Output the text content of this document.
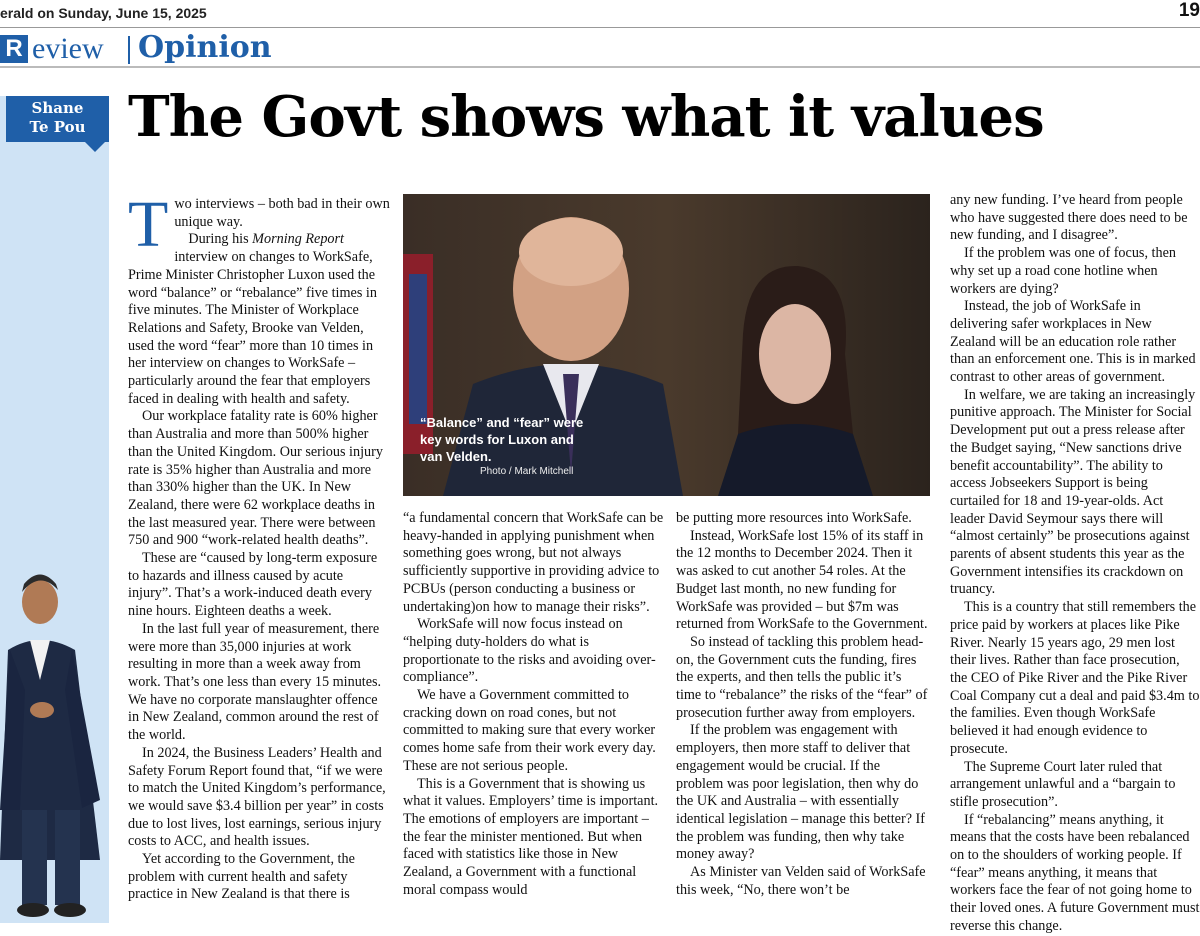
erald on Sunday, June 15, 2025	19
R eview Opinion
Shane
Te Pou The Govt shows what it values

Two interviews – both bad in their own unique way.

During his Morning Report interview on changes to WorkSafe, Prime Minister Christopher Luxon used the word “balance” or “rebalance” five times in five minutes. The Minister of Workplace Relations and Safety, Brooke van Velden, used the word “fear” more than 10 times in her interview on changes to WorkSafe – particularly around the fear that employers faced in dealing with health and safety.

Our workplace fatality rate is 60% higher than Australia and more than 500% higher than the United Kingdom. Our serious injury rate is 35% higher than Australia and more than 330% higher than the UK. In New Zealand, there were 62 workplace deaths in the last measured year. There were between 750 and 900 “work-related health deaths”.

These are “caused by long-term exposure to hazards and illness caused by acute injury”. That’s a work-induced death every nine hours. Eighteen deaths a week.

In the last full year of measurement, there were more than 35,000 injuries at work resulting in more than a week away from work. That’s one less than every 15 minutes. We have no corporate manslaughter offence in New Zealand, common around the rest of the world.

In 2024, the Business Leaders’ Health and Safety Forum Report found that, “if we were to match the United Kingdom’s performance, we would save $3.4 billion per year” in costs due to lost lives, lost earnings, serious injury costs to ACC, and health issues.

Yet according to the Government, the problem with current health and safety practice in New Zealand is that there is

“Balance” and “fear” were key words for Luxon and van Velden.
Photo / Mark Mitchell

“a fundamental concern that WorkSafe can be heavy-handed in applying punishment when something goes wrong, but not always sufficiently supportive in providing advice to PCBUs (person conducting a business or undertaking)on how to manage their risks”.

WorkSafe will now focus instead on “helping duty-holders do what is proportionate to the risks and avoiding over-compliance”.

We have a Government committed to cracking down on road cones, but not committed to making sure that every worker comes home safe from their work every day. These are not serious people.

This is a Government that is showing us what it values. Employers’ time is important. The emotions of employers are important – the fear the minister mentioned. But when faced with statistics like those in New Zealand, a Government with a functional moral compass would

be putting more resources into WorkSafe.

Instead, WorkSafe lost 15% of its staff in the 12 months to December 2024. Then it was asked to cut another 54 roles. At the Budget last month, no new funding for WorkSafe was provided – but $7m was returned from WorkSafe to the Government.

So instead of tackling this problem head-on, the Government cuts the funding, fires the experts, and then tells the public it’s time to “rebalance” the risks of the “fear” of prosecution further away from employers.

If the problem was engagement with employers, then more staff to deliver that engagement would be crucial. If the problem was poor legislation, then why do the UK and Australia – with essentially identical legislation – manage this better? If the problem was funding, then why take money away?

As Minister van Velden said of WorkSafe this week, “No, there won’t be

any new funding. I’ve heard from people who have suggested there does need to be new funding, and I disagree”.

If the problem was one of focus, then why set up a road cone hotline when workers are dying?

Instead, the job of WorkSafe in delivering safer workplaces in New Zealand will be an education role rather than an enforcement one. This is in marked contrast to other areas of government.

In welfare, we are taking an increasingly punitive approach. The Minister for Social Development put out a press release after the Budget saying, “New sanctions drive benefit accountability”. The ability to access Jobseekers Support is being curtailed for 18 and 19-year-olds. Act leader David Seymour says there will “almost certainly” be prosecutions against parents of absent students this year as the Government intensifies its crackdown on truancy.

This is a country that still remembers the price paid by workers at places like Pike River. Nearly 15 years ago, 29 men lost their lives. Rather than face prosecution, the CEO of Pike River and the Pike River Coal Company cut a deal and paid $3.4m to the families. Even though WorkSafe believed it had enough evidence to prosecute.

The Supreme Court later ruled that arrangement unlawful and a “bargain to stifle prosecution”.

If “rebalancing” means anything, it means that the costs have been rebalanced on to the shoulders of working people. If “fear” means anything, it means that workers face the fear of not going home to their loved ones. A future Government must reverse this change.
